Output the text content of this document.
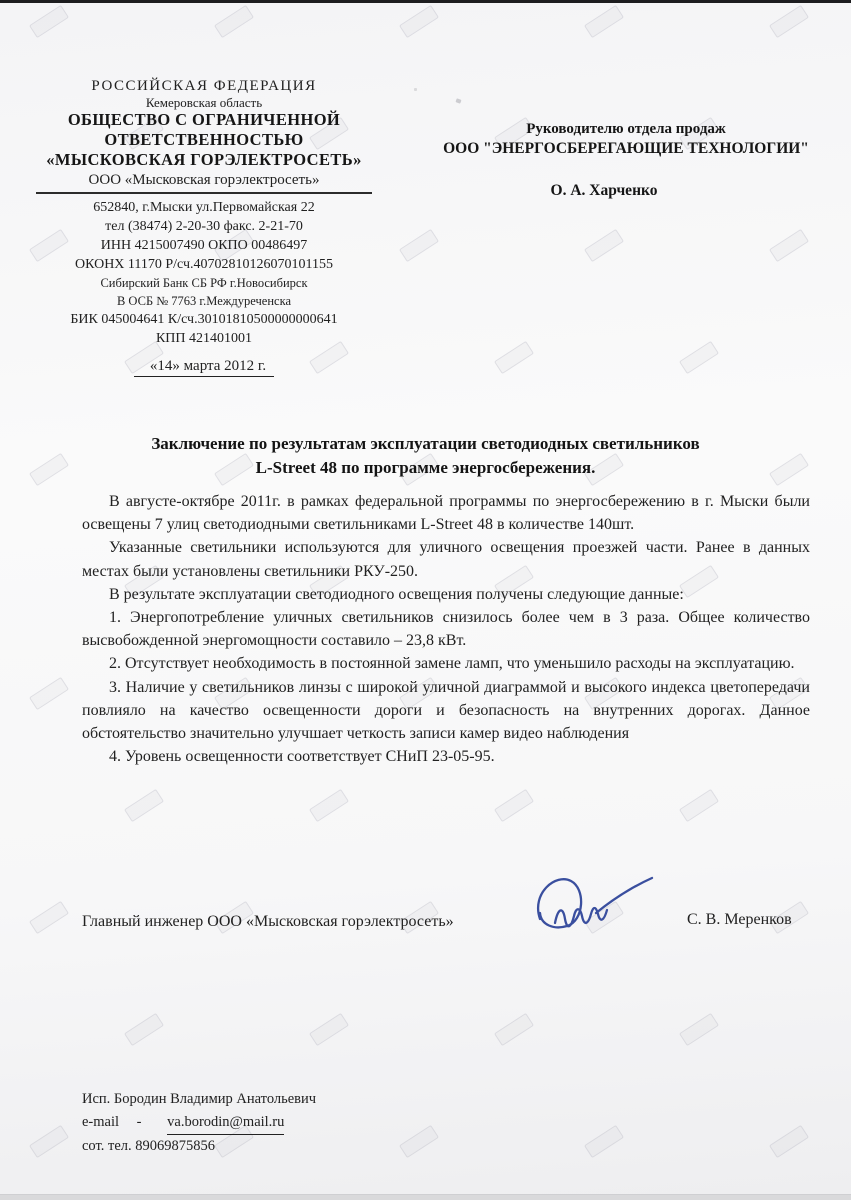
РОССИЙСКАЯ ФЕДЕРАЦИЯ
Кемеровская область
ОБЩЕСТВО С ОГРАНИЧЕННОЙ
ОТВЕТСТВЕННОСТЬЮ
«МЫСКОВСКАЯ ГОРЭЛЕКТРОСЕТЬ»
ООО «Мысковская горэлектросеть»
652840, г.Мыски ул.Первомайская 22
тел (38474) 2-20-30 факс. 2-21-70
ИНН 4215007490 ОКПО 00486497
ОКОНХ 11170 Р/сч.40702810126070101155
Сибирский Банк СБ РФ г.Новосибирск
В ОСБ № 7763 г.Междуреченска
БИК 045004641 К/сч.30101810500000000641
КПП 421401001
«14» марта 2012 г.
Руководителю отдела продаж
ООО "ЭНЕРГОСБЕРЕГАЮЩИЕ ТЕХНОЛОГИИ"
О. А. Харченко
Заключение по результатам эксплуатации светодиодных светильников
L-Street 48 по программе энергосбережения.

В августе-октябре 2011г. в рамках федеральной программы по энергосбережению в г. Мыски были освещены 7 улиц светодиодными светильниками L-Street 48 в количестве 140шт.

Указанные светильники используются для уличного освещения проезжей части. Ранее в данных местах были установлены светильники РКУ-250.

В результате эксплуатации светодиодного освещения получены следующие данные:

1. Энергопотребление уличных светильников снизилось более чем в 3 раза. Общее количество высвобожденной энергомощности составило – 23,8 кВт.

2. Отсутствует необходимость в постоянной замене ламп, что уменьшило расходы на эксплуатацию.

3. Наличие у светильников линзы с широкой уличной диаграммой и высокого индекса цветопередачи повлияло на качество освещенности дороги и безопасность на внутренних дорогах. Данное обстоятельство значительно улучшает четкость записи камер видео наблюдения

4. Уровень освещенности соответствует СНиП 23-05-95.

Главный инженер ООО «Мысковская горэлектросеть»	С. В. Меренков
Исп. Бородин Владимир Анатольевич
e-mail - va.borodin@mail.ru
сот. тел. 89069875856
